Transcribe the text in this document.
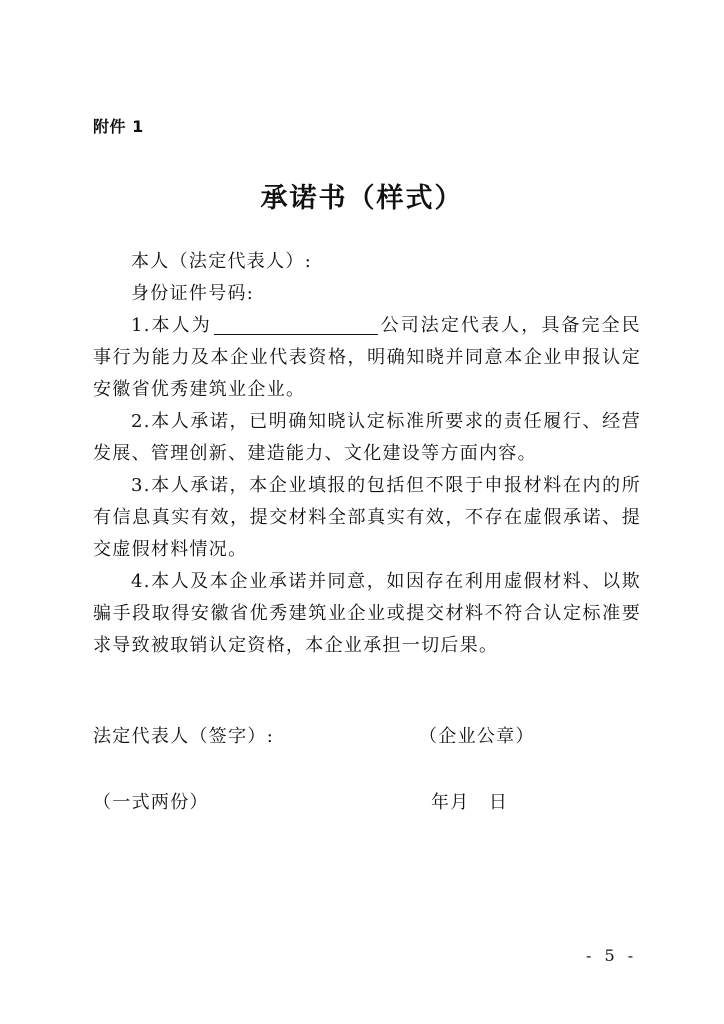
附件 1
承诺书（样式）

本人（法定代表人）:

身份证件号码:

1.本人为	公司法定代表人，具备完全民事行为能力及本企业代表资格，明确知晓并同意本企业申报认定安徽省优秀建筑业企业。

2.本人承诺，已明确知晓认定标准所要求的责任履行、经营发展、管理创新、建造能力、文化建设等方面内容。

3.本人承诺，本企业填报的包括但不限于申报材料在内的所有信息真实有效，提交材料全部真实有效，不存在虚假承诺、提交虚假材料情况。

4.本人及本企业承诺并同意，如因存在利用虚假材料、以欺骗手段取得安徽省优秀建筑业企业或提交材料不符合认定标准要求导致被取销认定资格，本企业承担一切后果。

法定代表人（签字）:	（企业公章）
（一式两份）	年月　日
- 5 -
